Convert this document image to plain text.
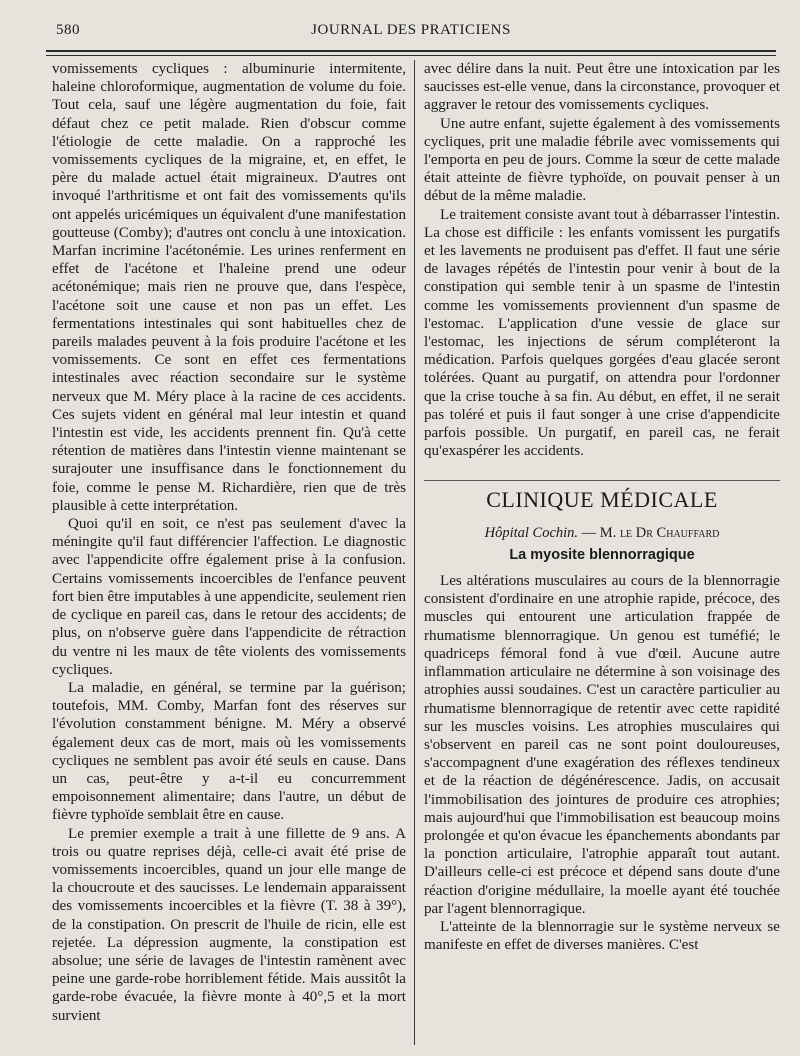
580	JOURNAL DES PRATICIENS

vomissements cycliques : albuminurie intermitente, haleine chloroformique, augmentation de volume du foie. Tout cela, sauf une légère augmentation du foie, fait défaut chez ce petit malade. Rien d'obscur comme l'étiologie de cette maladie. On a rapproché les vomissements cycliques de la migraine, et, en effet, le père du malade actuel était migraineux. D'autres ont invoqué l'arthritisme et ont fait des vomissements qu'ils ont appelés uricémiques un équivalent d'une manifestation goutteuse (Comby); d'autres ont conclu à une intoxication. Marfan incrimine l'acétonémie. Les urines renferment en effet de l'acétone et l'haleine prend une odeur acétonémique; mais rien ne prouve que, dans l'espèce, l'acétone soit une cause et non pas un effet. Les fermentations intestinales qui sont habituelles chez de pareils malades peuvent à la fois produire l'acétone et les vomissements. Ce sont en effet ces fermentations intestinales avec réaction secondaire sur le système nerveux que M. Méry place à la racine de ces accidents. Ces sujets vident en général mal leur intestin et quand l'intestin est vide, les accidents prennent fin. Qu'à cette rétention de matières dans l'intestin vienne maintenant se surajouter une insuffisance dans le fonctionnement du foie, comme le pense M. Richardière, rien que de très plausible à cette interprétation.

Quoi qu'il en soit, ce n'est pas seulement d'avec la méningite qu'il faut différencier l'affection. Le diagnostic avec l'appendicite offre également prise à la confusion. Certains vomissements incoercibles de l'enfance peuvent fort bien être imputables à une appendicite, seulement rien de cyclique en pareil cas, dans le retour des accidents; de plus, on n'observe guère dans l'appendicite de rétraction du ventre ni les maux de tête violents des vomissements cycliques.

La maladie, en général, se termine par la guérison; toutefois, MM. Comby, Marfan font des réserves sur l'évolution constamment bénigne. M. Méry a observé également deux cas de mort, mais où les vomissements cycliques ne semblent pas avoir été seuls en cause. Dans un cas, peut-être y a-t-il eu concurremment empoisonnement alimentaire; dans l'autre, un début de fièvre typhoïde semblait être en cause.

Le premier exemple a trait à une fillette de 9 ans. A trois ou quatre reprises déjà, celle-ci avait été prise de vomissements incoercibles, quand un jour elle mange de la choucroute et des saucisses. Le lendemain apparaissent des vomissements incoercibles et la fièvre (T. 38 à 39°), de la constipation. On prescrit de l'huile de ricin, elle est rejetée. La dépression augmente, la constipation est absolue; une série de lavages de l'intestin ramènent avec peine une garde-robe horriblement fétide. Mais aussitôt la garde-robe évacuée, la fièvre monte à 40°,5 et la mort survient

avec délire dans la nuit. Peut être une intoxication par les saucisses est-elle venue, dans la circonstance, provoquer et aggraver le retour des vomissements cycliques.

Une autre enfant, sujette également à des vomissements cycliques, prit une maladie fébrile avec vomissements qui l'emporta en peu de jours. Comme la sœur de cette malade était atteinte de fièvre typhoïde, on pouvait penser à un début de la même maladie.

Le traitement consiste avant tout à débarrasser l'intestin. La chose est difficile : les enfants vomissent les purgatifs et les lavements ne produisent pas d'effet. Il faut une série de lavages répétés de l'intestin pour venir à bout de la constipation qui semble tenir à un spasme de l'intestin comme les vomissements proviennent d'un spasme de l'estomac. L'application d'une vessie de glace sur l'estomac, les injections de sérum compléteront la médication. Parfois quelques gorgées d'eau glacée seront tolérées. Quant au purgatif, on attendra pour l'ordonner que la crise touche à sa fin. Au début, en effet, il ne serait pas toléré et puis il faut songer à une crise d'appendicite parfois possible. Un purgatif, en pareil cas, ne ferait qu'exaspérer les accidents.

CLINIQUE MÉDICALE
Hôpital Cochin. — M. le Dr Chauffard
La myosite blennorragique

Les altérations musculaires au cours de la blennorragie consistent d'ordinaire en une atrophie rapide, précoce, des muscles qui entourent une articulation frappée de rhumatisme blennorragique. Un genou est tuméfié; le quadriceps fémoral fond à vue d'œil. Aucune autre inflammation articulaire ne détermine à son voisinage des atrophies aussi soudaines. C'est un caractère particulier au rhumatisme blennorragique de retentir avec cette rapidité sur les muscles voisins. Les atrophies musculaires qui s'observent en pareil cas ne sont point douloureuses, s'accompagnent d'une exagération des réflexes tendineux et de la réaction de dégénérescence. Jadis, on accusait l'immobilisation des jointures de produire ces atrophies; mais aujourd'hui que l'immobilisation est beaucoup moins prolongée et qu'on évacue les épanchements abondants par la ponction articulaire, l'atrophie apparaît tout autant. D'ailleurs celle-ci est précoce et dépend sans doute d'une réaction d'origine médullaire, la moelle ayant été touchée par l'agent blennorragique.

L'atteinte de la blennorragie sur le système nerveux se manifeste en effet de diverses manières. C'est
